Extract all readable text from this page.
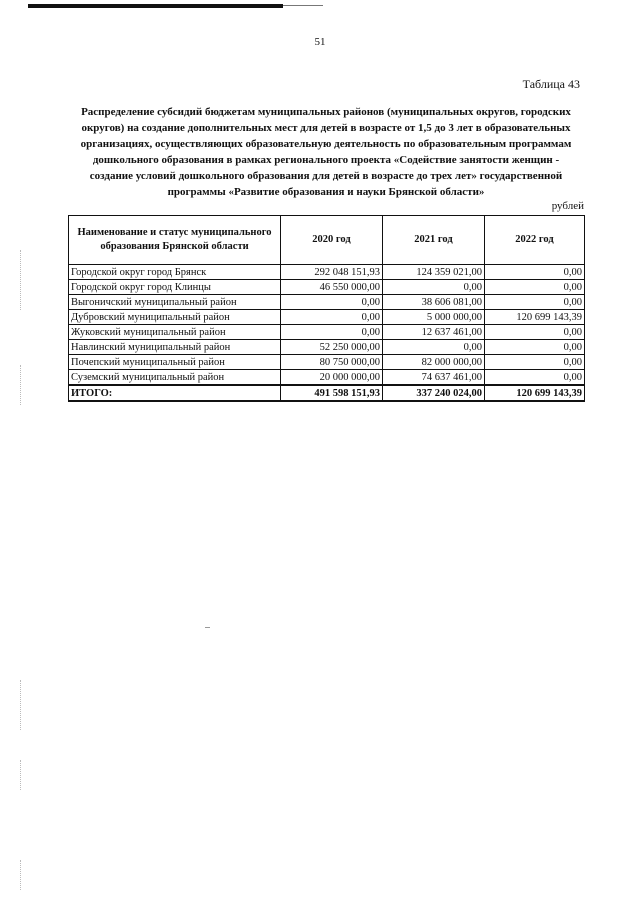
51
Таблица 43
Распределение субсидий бюджетам муниципальных районов (муниципальных округов, городских
округов) на создание дополнительных мест для детей в возрасте от 1,5 до 3 лет в образовательных
организациях, осуществляющих образовательную деятельность по образовательным программам
дошкольного образования в рамках регионального проекта «Содействие занятости женщин -
создание условий дошкольного образования для детей в возрасте до трех лет» государственной
программы «Развитие образования и науки Брянской области»
рублей
Наименование и статус муниципального образования Брянской области	2020 год	2021 год	2022 год
Городской округ город Брянск	292 048 151,93	124 359 021,00	0,00
Городской округ город Клинцы	46 550 000,00	0,00	0,00
Выгоничский муниципальный район	0,00	38 606 081,00	0,00
Дубровский муниципальный район	0,00	5 000 000,00	120 699 143,39
Жуковский муниципальный район	0,00	12 637 461,00	0,00
Навлинский муниципальный район	52 250 000,00	0,00	0,00
Почепский муниципальный район	80 750 000,00	82 000 000,00	0,00
Суземский муниципальный район	20 000 000,00	74 637 461,00	0,00
ИТОГО:	491 598 151,93	337 240 024,00	120 699 143,39
